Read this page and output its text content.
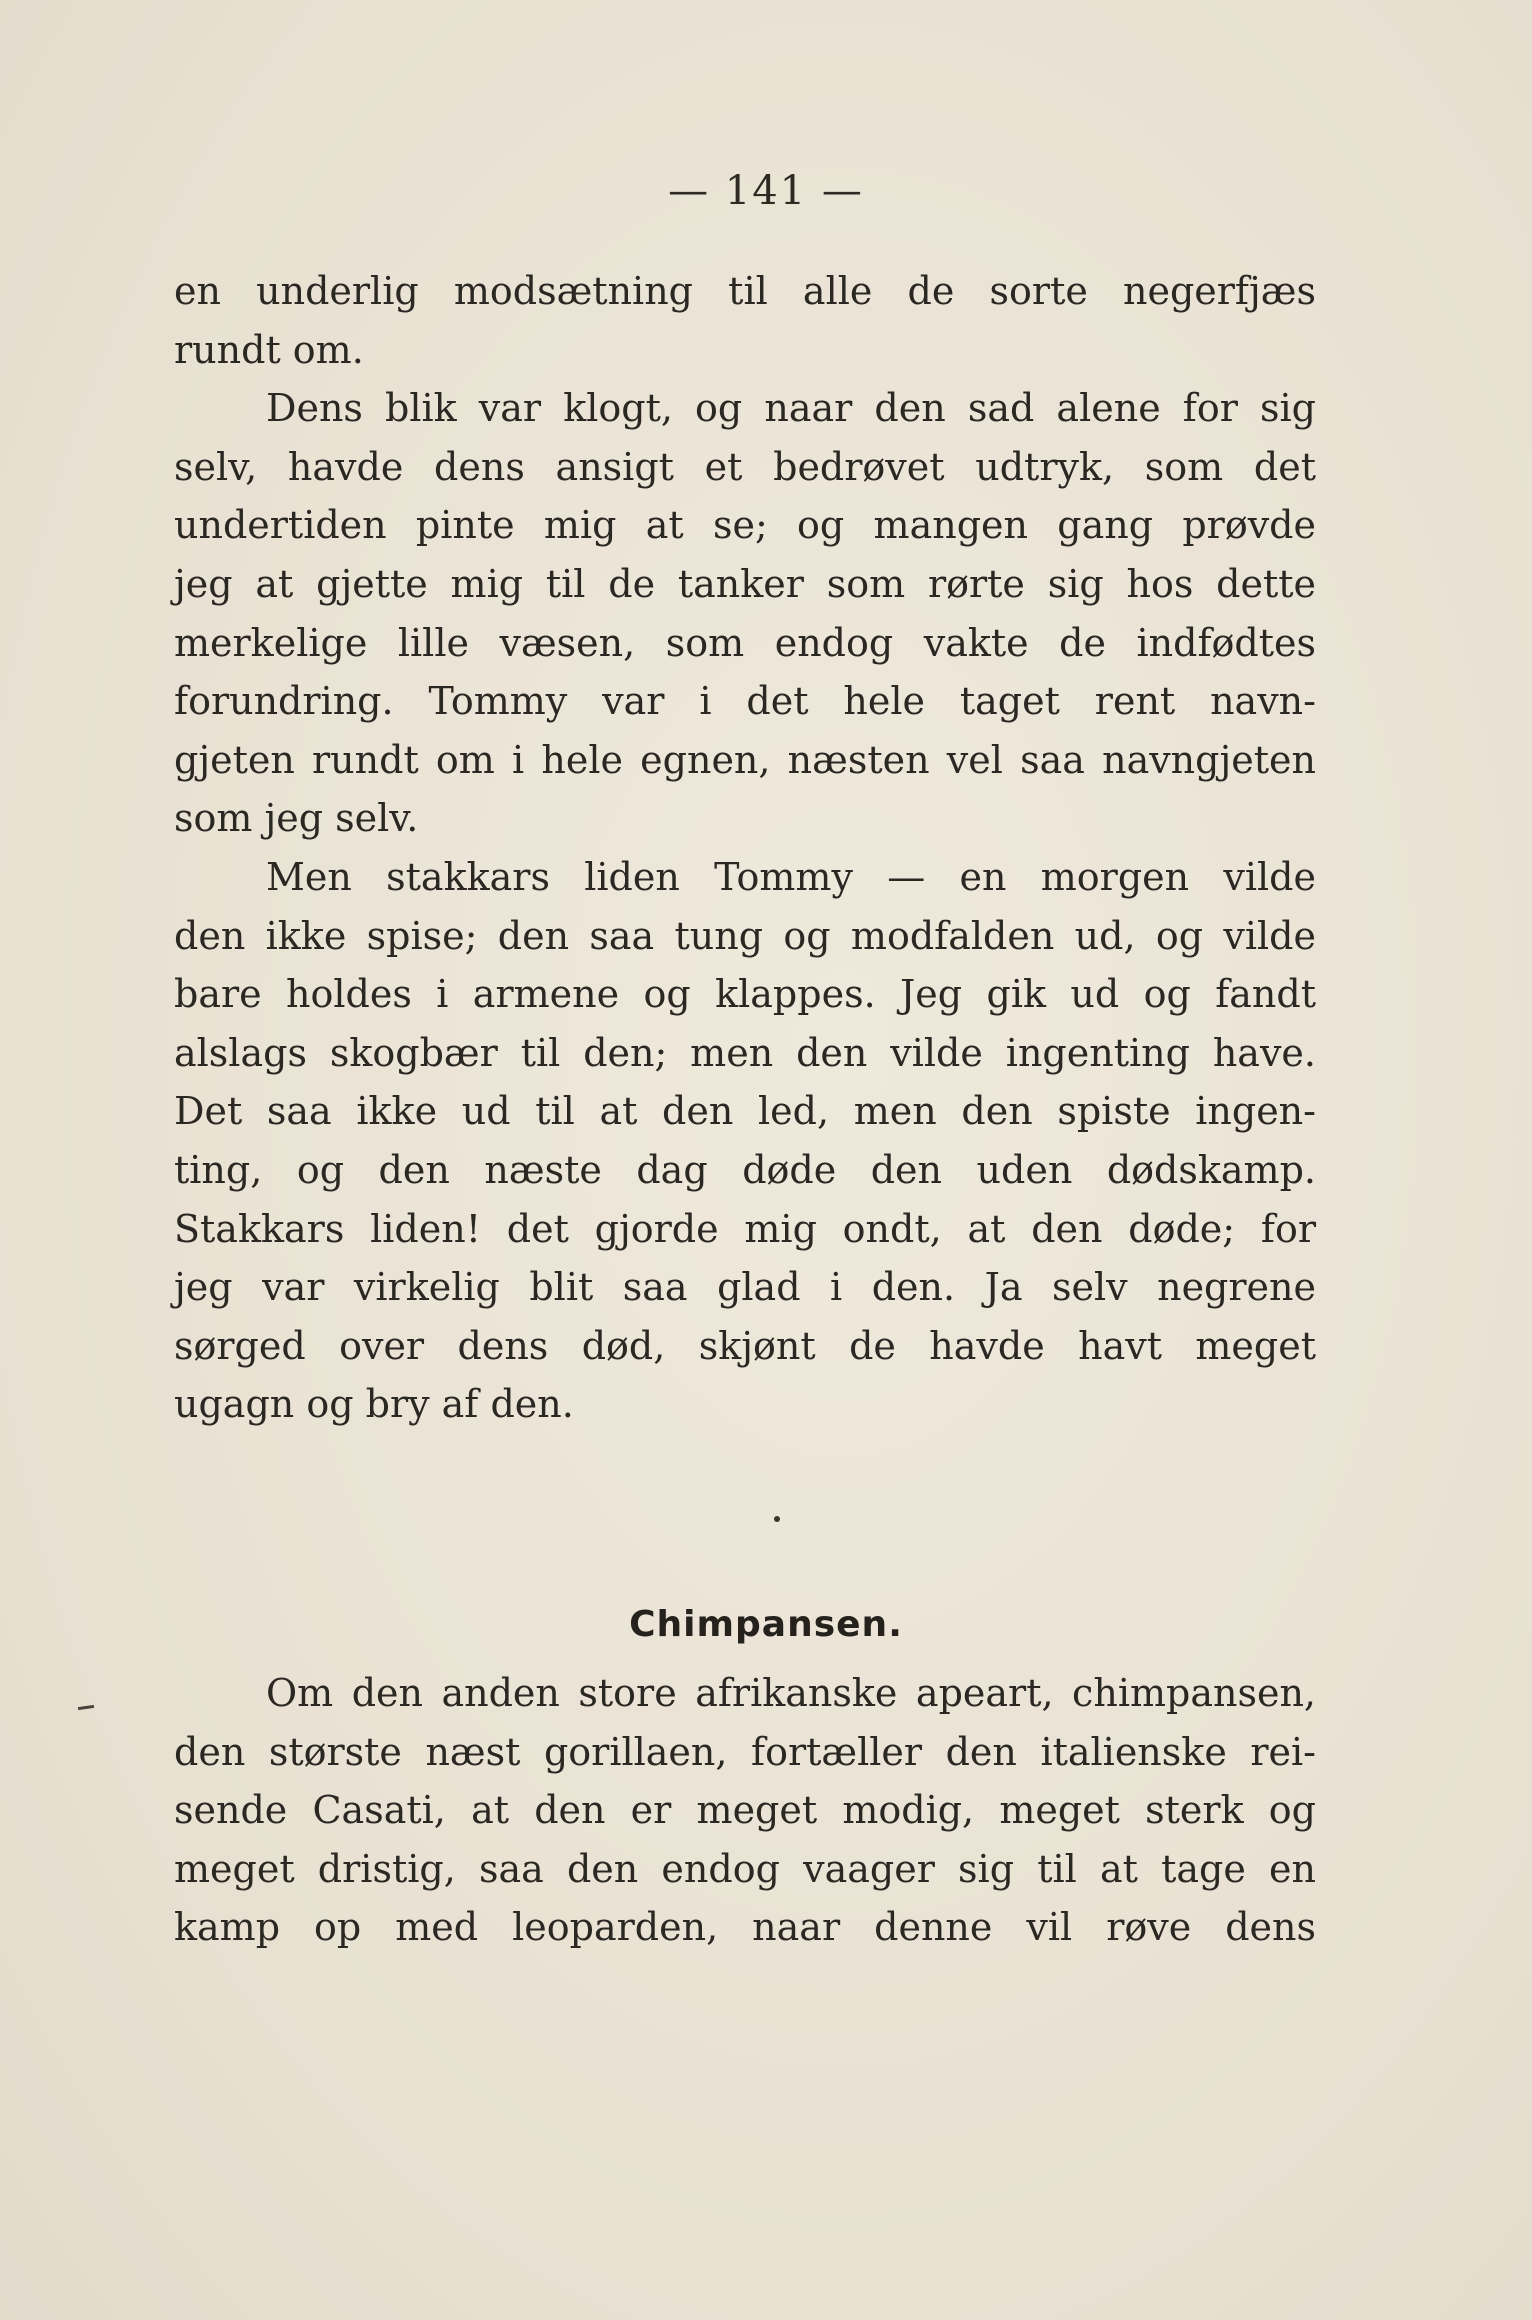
— 141 —
en underlig modsætning til alle de sorte negerfjæs
rundt om.
Dens blik var klogt, og naar den sad alene for sig
selv, havde dens ansigt et bedrøvet udtryk, som det
undertiden pinte mig at se; og mangen gang prøvde
jeg at gjette mig til de tanker som rørte sig hos dette
merkelige lille væsen, som endog vakte de indfødtes
forundring. Tommy var i det hele taget rent navn-
gjeten rundt om i hele egnen, næsten vel saa navngjeten
som jeg selv.
Men stakkars liden Tommy — en morgen vilde
den ikke spise; den saa tung og modfalden ud, og vilde
bare holdes i armene og klappes. Jeg gik ud og fandt
alslags skogbær til den; men den vilde ingenting have.
Det saa ikke ud til at den led, men den spiste ingen-
ting, og den næste dag døde den uden dødskamp.
Stakkars liden! det gjorde mig ondt, at den døde; for
jeg var virkelig blit saa glad i den. Ja selv negrene
sørged over dens død, skjønt de havde havt meget
ugagn og bry af den.
Chimpansen.
Om den anden store afrikanske apeart, chimpansen,
den største næst gorillaen, fortæller den italienske rei-
sende Casati, at den er meget modig, meget sterk og
meget dristig, saa den endog vaager sig til at tage en
kamp op med leoparden, naar denne vil røve dens
